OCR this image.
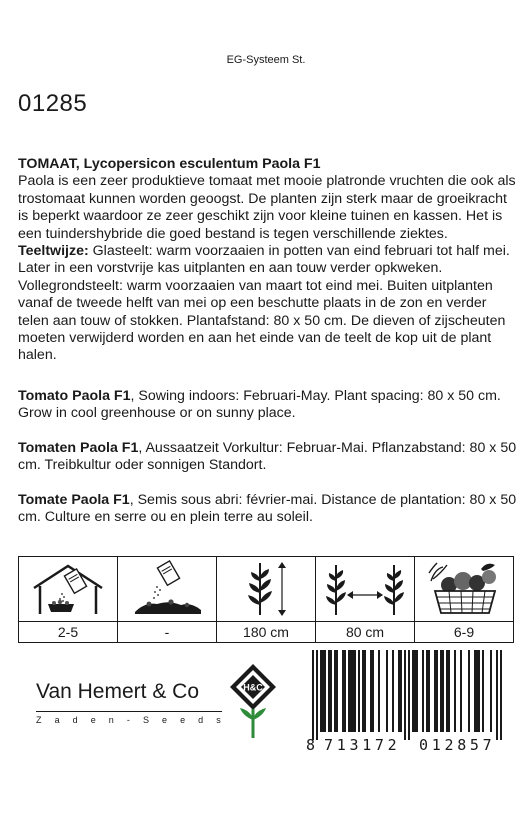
EG-Systeem St.
01285
TOMAAT, Lycopersicon esculentum Paola F1
Paola is een zeer produktieve tomaat met mooie platronde vruchten die ook als trostomaat kunnen worden geoogst. De planten zijn sterk maar de groeikracht is beperkt waardoor ze zeer geschikt zijn voor kleine tuinen en kassen. Het is een tuindershybride die goed bestand is tegen verschillende ziektes. Teeltwijze: Glasteelt: warm voorzaaien in potten van eind februari tot half mei. Later in een vorstvrije kas uitplanten en aan touw verder opkweken. Vollegrondsteelt: warm voorzaaien van maart tot eind mei. Buiten uitplanten vanaf de tweede helft van mei op een beschutte plaats in de zon en verder telen aan touw of stokken. Plantafstand: 80 x 50 cm. De dieven of zijscheuten moeten verwijderd worden en aan het einde van de teelt de kop uit de plant halen.
Tomato Paola F1, Sowing indoors: Februari-May. Plant spacing: 80 x 50 cm. Grow in cool greenhouse or on sunny place.
Tomaten Paola F1, Aussaatzeit Vorkultur: Februar-Mai. Pflanzabstand: 80 x 50 cm. Treibkultur oder sonnigen Standort.
Tomate Paola F1, Semis sous abri: février-mai. Distance de plantation: 80 x 50 cm. Culture en serre ou en plein terre au soleil.

2-5	-	180 cm	80 cm	6-9
Van Hemert & Co
Z a d e n - S e e d s
H&C
8 713172 012857
